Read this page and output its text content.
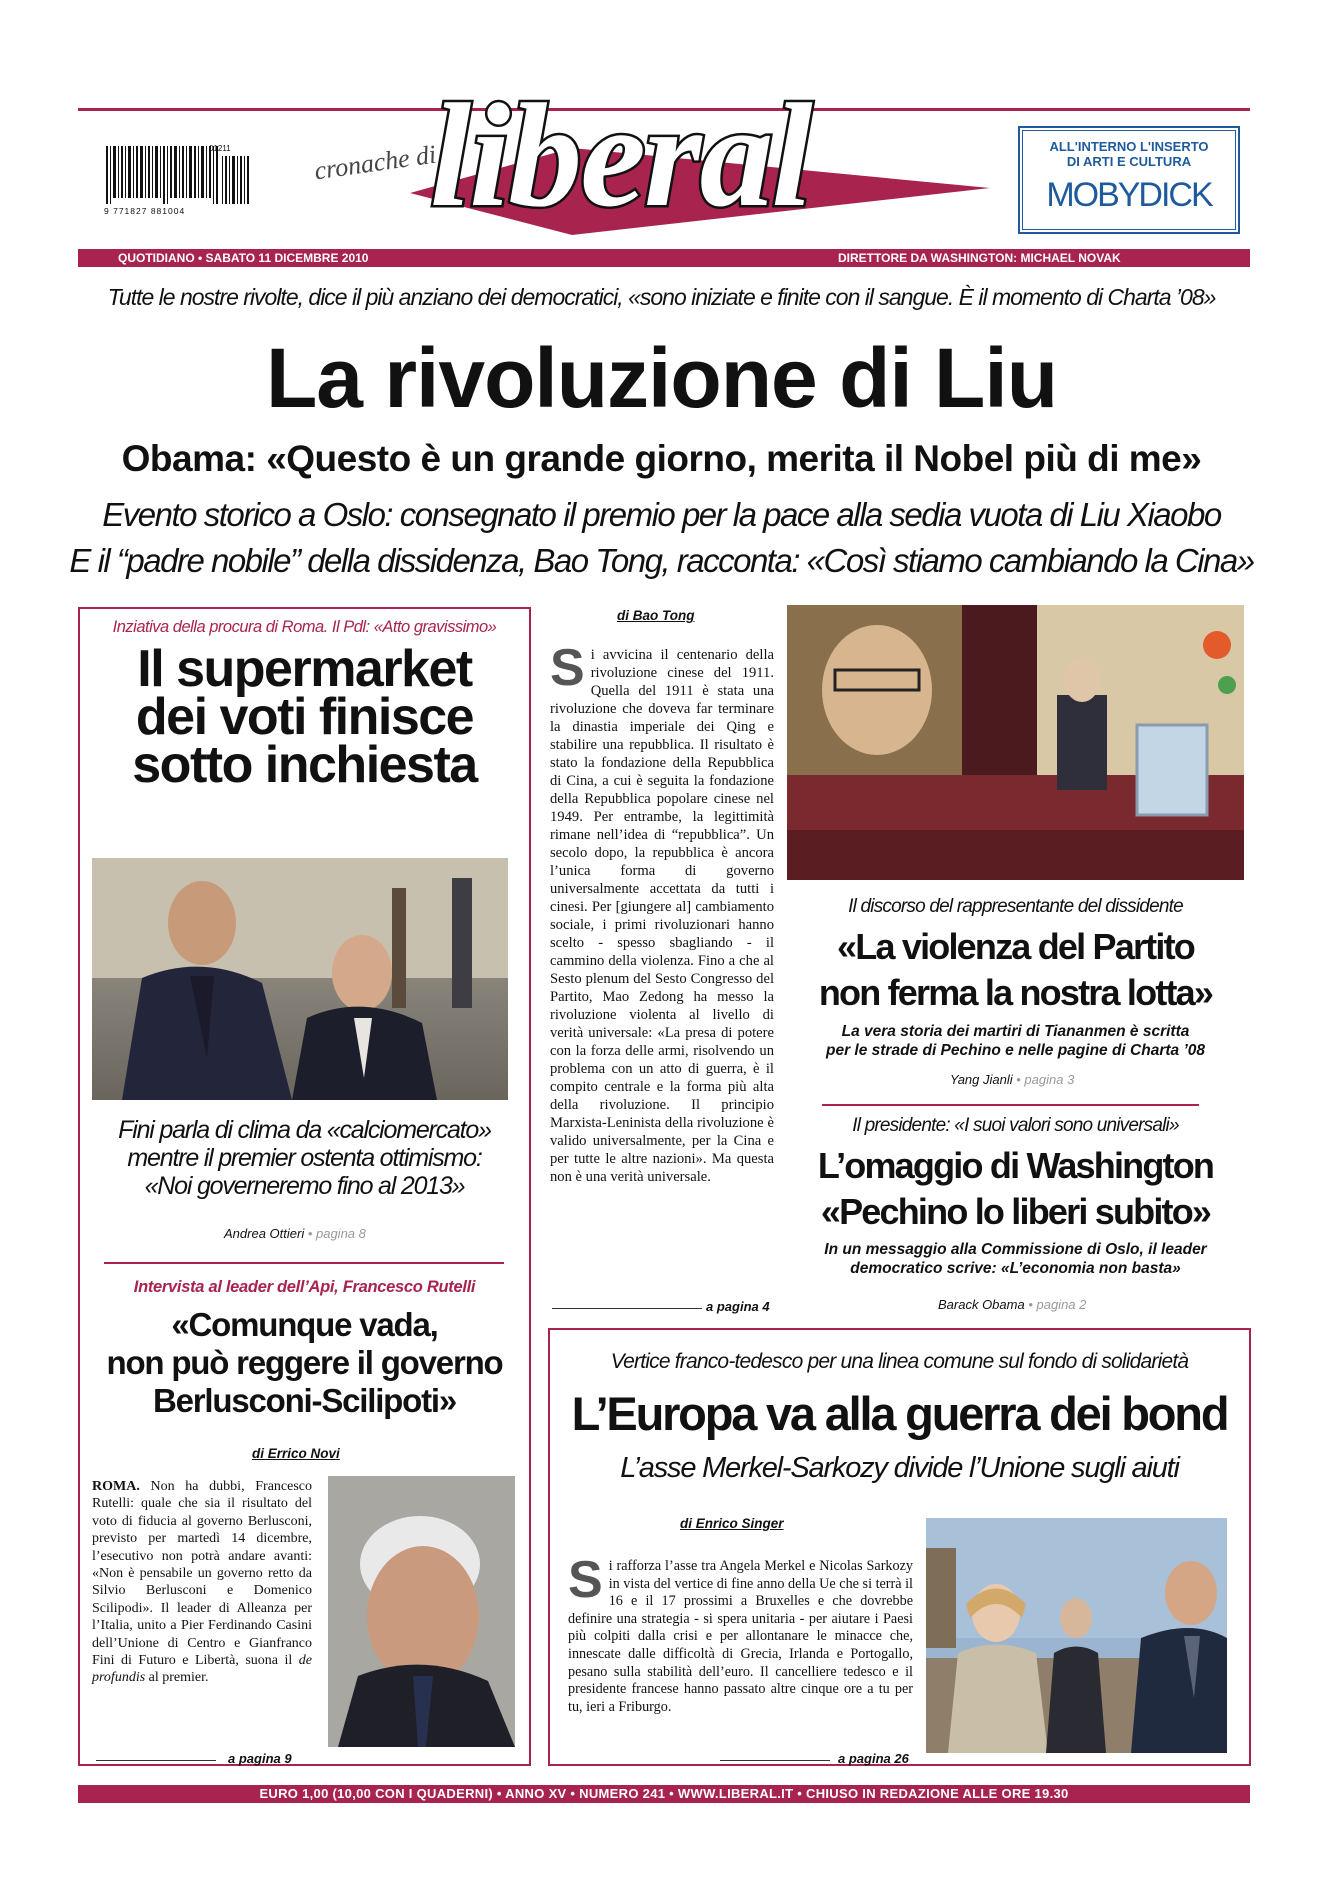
01211
9 771827 881004
cronache di
liberal
di Ferdinando Adornato
ALL'INTERNO L'INSERTO
DI ARTI E CULTURA
MOBYDICK
QUOTIDIANO • SABATO 11 DICEMBRE 2010	DIRETTORE DA WASHINGTON: MICHAEL NOVAK
Tutte le nostre rivolte, dice il più anziano dei democratici, «sono iniziate e finite con il sangue. È il momento di Charta ’08»
La rivoluzione di Liu
Obama: «Questo è un grande giorno, merita il Nobel più di me»
Evento storico a Oslo: consegnato il premio per la pace alla sedia vuota di Liu Xiaobo
E il “padre nobile” della dissidenza, Bao Tong, racconta: «Così stiamo cambiando la Cina»
Inziativa della procura di Roma. Il Pdl: «Atto gravissimo»
Il supermarket
dei voti finisce
sotto inchiesta
Fini parla di clima da «calciomercato»
mentre il premier ostenta ottimismo:
«Noi governeremo fino al 2013»
Andrea Ottieri • pagina 8
Intervista al leader dell’Api, Francesco Rutelli
«Comunque vada,
non può reggere il governo
Berlusconi-Scilipoti»
di Errico Novi
ROMA. Non ha dubbi, Francesco Rutelli: quale che sia il risultato del voto di fiducia al governo Berlusconi, previsto per martedì 14 dicembre, l’esecutivo non potrà andare avanti: «Non è pensabile un governo retto da Silvio Berlusconi e Domenico Scilipodi». Il leader di Alleanza per l’Italia, unito a Pier Ferdinando Casini dell’Unione di Centro e Gianfranco Fini di Futuro e Libertà, suona il de profundis al premier.
a pagina 9
di Bao Tong
Si avvicina il centenario della rivoluzione cinese del 1911. Quella del 1911 è stata una rivoluzione che doveva far terminare la dinastia imperiale dei Qing e stabilire una repubblica. Il risultato è stato la fondazione della Repubblica di Cina, a cui è seguita la fondazione della Repubblica popolare cinese nel 1949. Per entrambe, la legittimità rimane nell’idea di “repubblica”. Un secolo dopo, la repubblica è ancora l’unica forma di governo universalmente accettata da tutti i cinesi. Per [giungere al] cambiamento sociale, i primi rivoluzionari hanno scelto - spesso sbagliando - il cammino della violenza. Fino a che al Sesto plenum del Sesto Congresso del Partito, Mao Zedong ha messo la rivoluzione violenta al livello di verità universale: «La presa di potere con la forza delle armi, risolvendo un problema con un atto di guerra, è il compito centrale e la forma più alta della rivoluzione. Il principio Marxista-Leninista della rivoluzione è valido universalmente, per la Cina e per tutte le altre nazioni». Ma questa non è una verità universale.
a pagina 4
Il discorso del rappresentante del dissidente
«La violenza del Partito
non ferma la nostra lotta»
La vera storia dei martiri di Tiananmen è scritta
per le strade di Pechino e nelle pagine di Charta ’08
Yang Jianli • pagina 3
Il presidente: «I suoi valori sono universali»
L’omaggio di Washington
«Pechino lo liberi subito»
In un messaggio alla Commissione di Oslo, il leader
democratico scrive: «L’economia non basta»
Barack Obama • pagina 2
Vertice franco-tedesco per una linea comune sul fondo di solidarietà
L’Europa va alla guerra dei bond
L’asse Merkel-Sarkozy divide l’Unione sugli aiuti
di Enrico Singer
Si rafforza l’asse tra Angela Merkel e Nicolas Sarkozy in vista del vertice di fine anno della Ue che si terrà il 16 e il 17 prossimi a Bruxelles e che dovrebbe definire una strategia - si spera unitaria - per aiutare i Paesi più colpiti dalla crisi e per allontanare le minacce che, innescate dalle difficoltà di Grecia, Irlanda e Portogallo, pesano sulla stabilità dell’euro. Il cancelliere tedesco e il presidente francese hanno passato altre cinque ore a tu per tu, ieri a Friburgo.
a pagina 26
EURO 1,00 (10,00 CON I QUADERNI) • ANNO XV • NUMERO 241 • WWW.LIBERAL.IT • CHIUSO IN REDAZIONE ALLE ORE 19.30
